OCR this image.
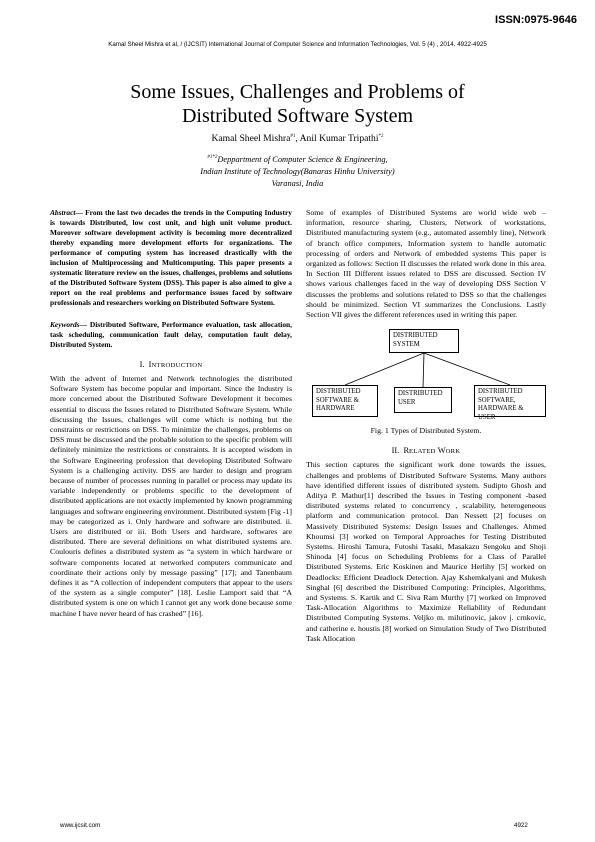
ISSN:0975-9646
Kamal Sheel Mishra et al, / (IJCSIT) International Journal of Computer Science and Information Technologies, Vol. 5 (4) , 2014, 4922-4925
Some Issues, Challenges and Problems of
Distributed Software System
Kamal Sheel Mishra$^{\#1}$, Anil Kumar Tripathi$^{*2}$
$^{\#1*2}$Deppartment of Computer Science & Engineering,
Indian Institute of Technology(Banaras Hinhu University)
Varanasi, India

Abstract— From the last two decades the trends in the Computing Industry is towards Distributed, low cost unit, and high unit volume product. Moreover software development activity is becoming more decentralized thereby expanding more development efforts for organizations. The performance of computing system has increased drastically with the inclusion of Multiprocessing and Multicomputing. This paper presents a systematic literature review on the issues, challenges, problems and solutions of the Distributed Software System (DSS). This paper is also aimed to give a report on the real problems and performance issues faced by software professionals and researchers working on Distributed Software System.

Keywords— Distributed Software, Performance evaluation, task allocation, task scheduling, communication fault delay, computation fault delay, Distributed System.

I. INTRODUCTION

With the advent of Internet and Network technologies the distributed Software System has become popular and important. Since the Industry is more concerned about the Distributed Software Development it becomes essential to discuss the Issues related to Distributed Software System. While discussing the Issues, challenges will come which is nothing but the constraints or restrictions on DSS. To minimize the challenges, problems on DSS must be discussed and the probable solution to the specific problem will definitely minimize the restrictions or constraints. It is accepted wisdom in the Software Engineering profession that developing Distributed Software System is a challenging activity. DSS are harder to design and program because of number of processes running in parallel or process may update its variable independently or problems specific to the development of distributed applications are not exactly implemented by known programming languages and software engineering environment. Distributed system [Fig -1] may be categorized as i. Only hardware and software are distributed. ii. Users are distributed or iii. Both Users and hardware, softwares are distributed. There are several definitions on what distributed systems are. Coulouris defines a distributed system as “a system in which hardware or software components located at networked computers communicate and coordinate their actions only by message passing” [17]; and Tanenbaum defines it as “A collection of independent computers that appear to the users of the system as a single computer” [18]. Leslie Lamport said that “A distributed system is one on which I cannot get any work done because some machine I have never heard of has crashed” [16].

Some of examples of Distributed Systems are world wide web – information, resource sharing, Clusters, Network of workstations, Distributed manufacturing system (e.g., automated assembly line), Network of branch office computers, Information system to handle automatic processing of orders and Network of embedded systems This paper is organized as follows: Section II discusses the related work done in this area. In Section III Different issues related to DSS are discussed. Section IV shows various challenges faced in the way of developing DSS Section V discusses the problems and solutions related to DSS so that the challenges should be minimized. Section VI summarizes the Conclusions. Lastly Section VII gives the different references used in writing this paper.

DISTRIBUTED
SYSTEM
DISTRIBUTED
SOFTWARE &
HARDWARE
DISTRIBUTED
USER
DISTRIBUTED
SOFTWARE,
HARDWARE & USER
Fig. 1 Types of Distributed System.
II. RELATED WORK

This section captures the significant work done towards the issues, challenges and problems of Distributed Software Systems. Many authors have identified different issues of distributed system. Sudipto Ghosh and Aditya P. Mathur[1] described the Issues in Testing component -based distributed systems related to concurrency , scalability, heterogeneous platform and communication protocol. Dan Nessett [2] focuses on Massively Distributed Systems: Design Issues and Challenges. Ahmed Khoumsi [3] worked on Temporal Approaches for Testing Distributed Systems. Hiroshi Tamura, Futoshi Tasaki, Masakazu Sengoku and Shoji Shinoda [4] focus on Scheduling Problems for a Class of Parallel Distributed Systems. Eric Koskinen and Maurice Herlihy [5] worked on Deadlocks: Efficient Deadlock Detection. Ajay Kshemkalyani and Mukesh Singhal [6] described the Distributed Computing: Principles, Algorithms, and Systems. S. Kartik and C. Siva Ram Murthy [7] worked on Improved Task-Allocation Algorithms to Maximize Reliability of Redundant Distributed Computing Systems. Veljko m. milutinovic, jakov j. crnkovic, and catherine e. houstis [8] worked on Simulation Study of Two Distributed Task Allocation

www.ijcsit.com	4922
